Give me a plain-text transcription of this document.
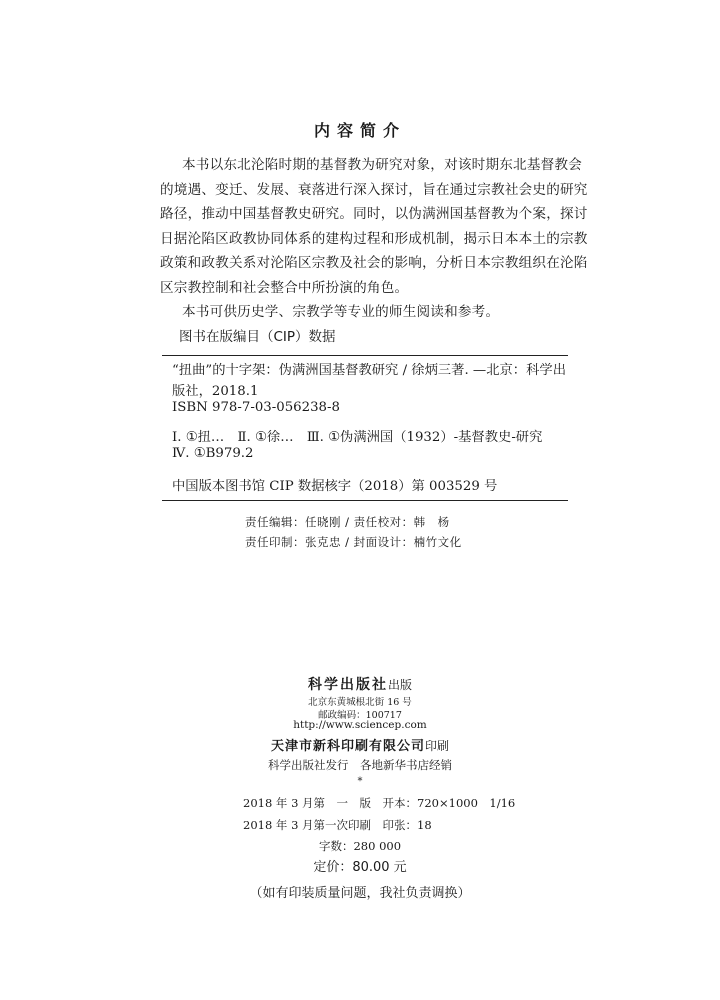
内容简介
本书以东北沦陷时期的基督教为研究对象，对该时期东北基督教会
的境遇、变迁、发展、衰落进行深入探讨，旨在通过宗教社会史的研究
路径，推动中国基督教史研究。同时，以伪满洲国基督教为个案，探讨
日据沦陷区政教协同体系的建构过程和形成机制，揭示日本本土的宗教
政策和政教关系对沦陷区宗教及社会的影响，分析日本宗教组织在沦陷
区宗教控制和社会整合中所扮演的角色。
本书可供历史学、宗教学等专业的师生阅读和参考。
图书在版编目（CIP）数据
“扭曲”的十字架：伪满洲国基督教研究 / 徐炳三著. —北京：科学出
版社，2018.1
ISBN 978-7-03-056238-8
Ⅰ. ①扭…　Ⅱ. ①徐…　Ⅲ. ①伪满洲国（1932）-基督教史-研究
Ⅳ. ①B979.2
中国版本图书馆 CIP 数据核字（2018）第 003529 号
责任编辑：任晓刚 / 责任校对：韩　杨
责任印制：张克忠 / 封面设计：楠竹文化
科学出版社出版
北京东黄城根北街 16 号
邮政编码：100717
http://www.sciencep.com
天津市新科印刷有限公司印刷
科学出版社发行　各地新华书店经销
*
2018 年 3 月第　一　版　开本：720×1000　1/16
2018 年 3 月第一次印刷　印张：18
字数：280 000
定价：80.00 元
（如有印装质量问题，我社负责调换）
